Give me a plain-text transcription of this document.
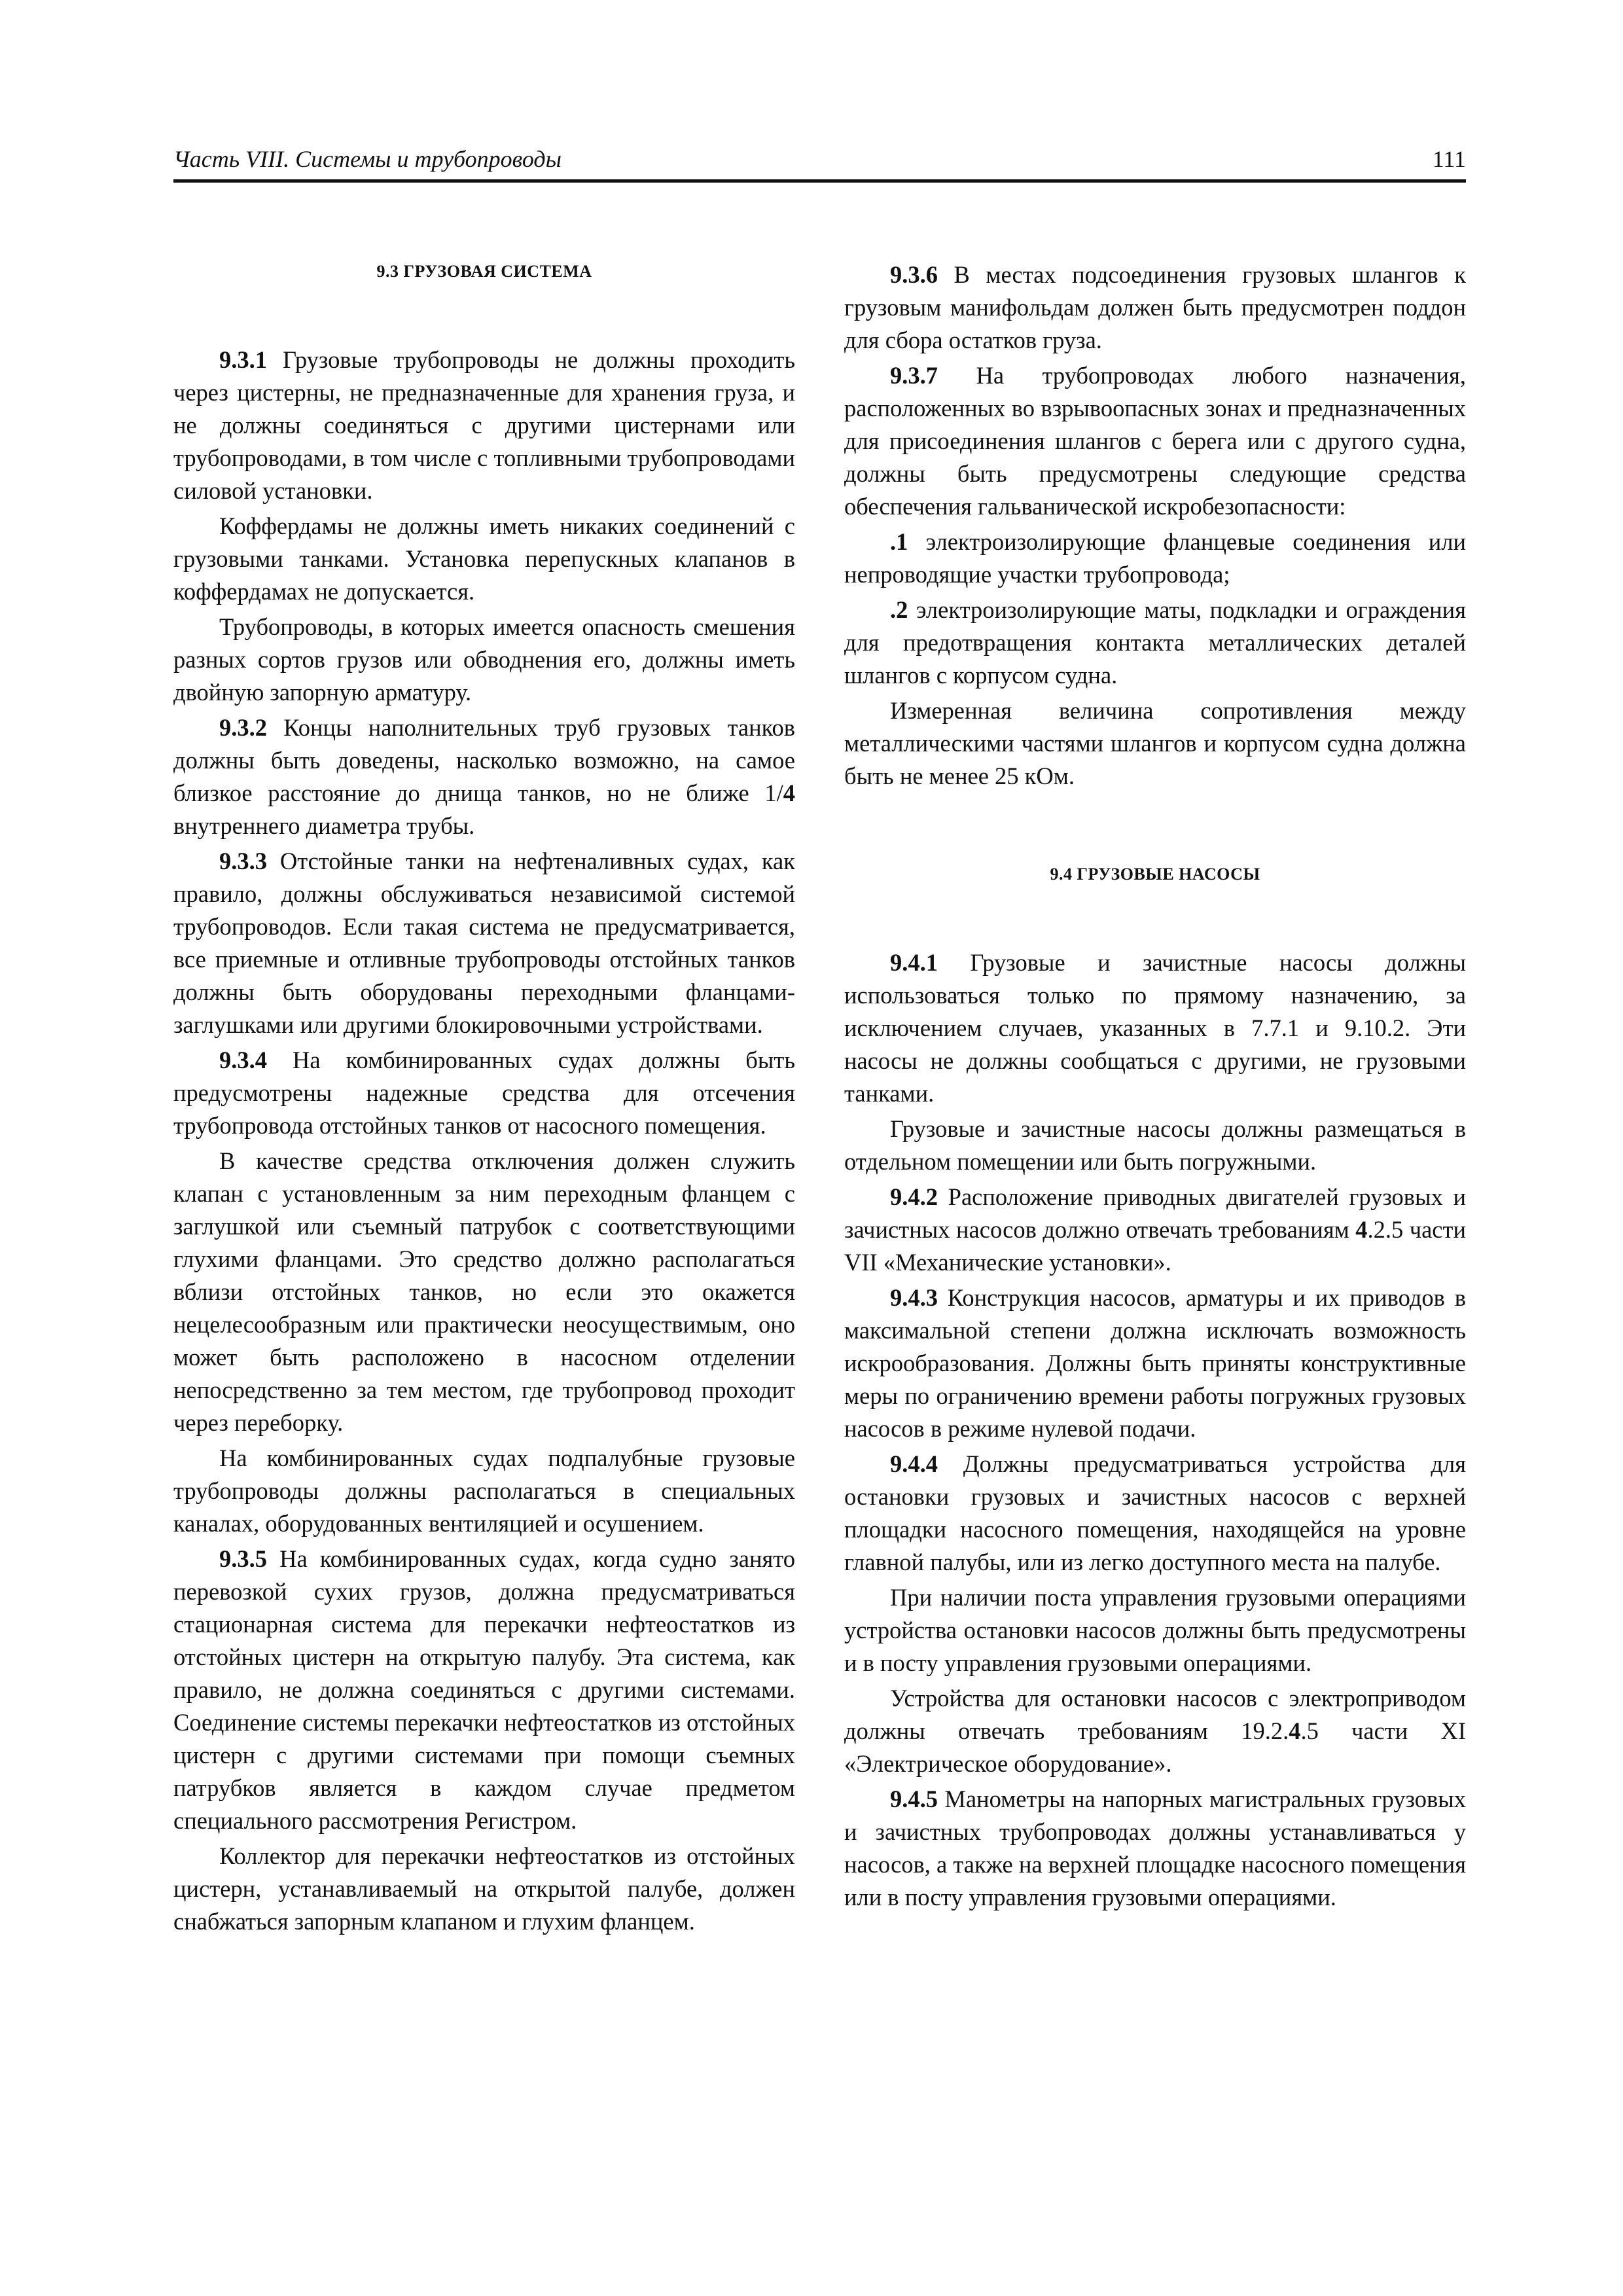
Часть VIII. Системы и трубопроводы	111
9.3 ГРУЗОВАЯ СИСТЕМА

9.3.1 Грузовые трубопроводы не должны проходить через цистерны, не предназначенные для хранения груза, и не должны соединяться с другими цистернами или трубопроводами, в том числе с топливными трубопроводами силовой установки.

Коффердамы не должны иметь никаких соединений с грузовыми танками. Установка перепускных клапанов в коффердамах не допускается.

Трубопроводы, в которых имеется опасность смешения разных сортов грузов или обводнения его, должны иметь двойную запорную арматуру.

9.3.2 Концы наполнительных труб грузовых танков должны быть доведены, насколько возможно, на самое близкое расстояние до днища танков, но не ближе 1/4 внутреннего диаметра трубы.

9.3.3 Отстойные танки на нефтеналивных судах, как правило, должны обслуживаться независимой системой трубопроводов. Если такая система не предусматривается, все приемные и отливные трубопроводы отстойных танков должны быть оборудованы переходными фланцами-заглушками или другими блокировочными устройствами.

9.3.4 На комбинированных судах должны быть предусмотрены надежные средства для отсечения трубопровода отстойных танков от насосного помещения.

В качестве средства отключения должен служить клапан с установленным за ним переходным фланцем с заглушкой или съемный патрубок с соответствующими глухими фланцами. Это средство должно располагаться вблизи отстойных танков, но если это окажется нецелесообразным или практически неосуществимым, оно может быть расположено в насосном отделении непосредственно за тем местом, где трубопровод проходит через переборку.

На комбинированных судах подпалубные грузовые трубопроводы должны располагаться в специальных каналах, оборудованных вентиляцией и осушением.

9.3.5 На комбинированных судах, когда судно занято перевозкой сухих грузов, должна предусматриваться стационарная система для перекачки нефтеостатков из отстойных цистерн на открытую палубу. Эта система, как правило, не должна соединяться с другими системами. Соединение системы перекачки нефтеостатков из отстойных цистерн с другими системами при помощи съемных патрубков является в каждом случае предметом специального рассмотрения Регистром.

Коллектор для перекачки нефтеостатков из отстойных цистерн, устанавливаемый на открытой палубе, должен снабжаться запорным клапаном и глухим фланцем.

9.3.6 В местах подсоединения грузовых шлангов к грузовым манифольдам должен быть предусмотрен поддон для сбора остатков груза.

9.3.7 На трубопроводах любого назначения, расположенных во взрывоопасных зонах и предназначенных для присоединения шлангов с берега или с другого судна, должны быть предусмотрены следующие средства обеспечения гальванической искробезопасности:

.1 электроизолирующие фланцевые соединения или непроводящие участки трубопровода;

.2 электроизолирующие маты, подкладки и ограждения для предотвращения контакта металлических деталей шлангов с корпусом судна.

Измеренная величина сопротивления между металлическими частями шлангов и корпусом судна должна быть не менее 25 кОм.

9.4 ГРУЗОВЫЕ НАСОСЫ

9.4.1 Грузовые и зачистные насосы должны использоваться только по прямому назначению, за исключением случаев, указанных в 7.7.1 и 9.10.2. Эти насосы не должны сообщаться с другими, не грузовыми танками.

Грузовые и зачистные насосы должны размещаться в отдельном помещении или быть погружными.

9.4.2 Расположение приводных двигателей грузовых и зачистных насосов должно отвечать требованиям 4.2.5 части VII «Механические установки».

9.4.3 Конструкция насосов, арматуры и их приводов в максимальной степени должна исключать возможность искрообразования. Должны быть приняты конструктивные меры по ограничению времени работы погружных грузовых насосов в режиме нулевой подачи.

9.4.4 Должны предусматриваться устройства для остановки грузовых и зачистных насосов с верхней площадки насосного помещения, находящейся на уровне главной палубы, или из легко доступного места на палубе.

При наличии поста управления грузовыми операциями устройства остановки насосов должны быть предусмотрены и в посту управления грузовыми операциями.

Устройства для остановки насосов с электроприводом должны отвечать требованиям 19.2.4.5 части XI «Электрическое оборудование».

9.4.5 Манометры на напорных магистральных грузовых и зачистных трубопроводах должны устанавливаться у насосов, а также на верхней площадке насосного помещения или в посту управления грузовыми операциями.
